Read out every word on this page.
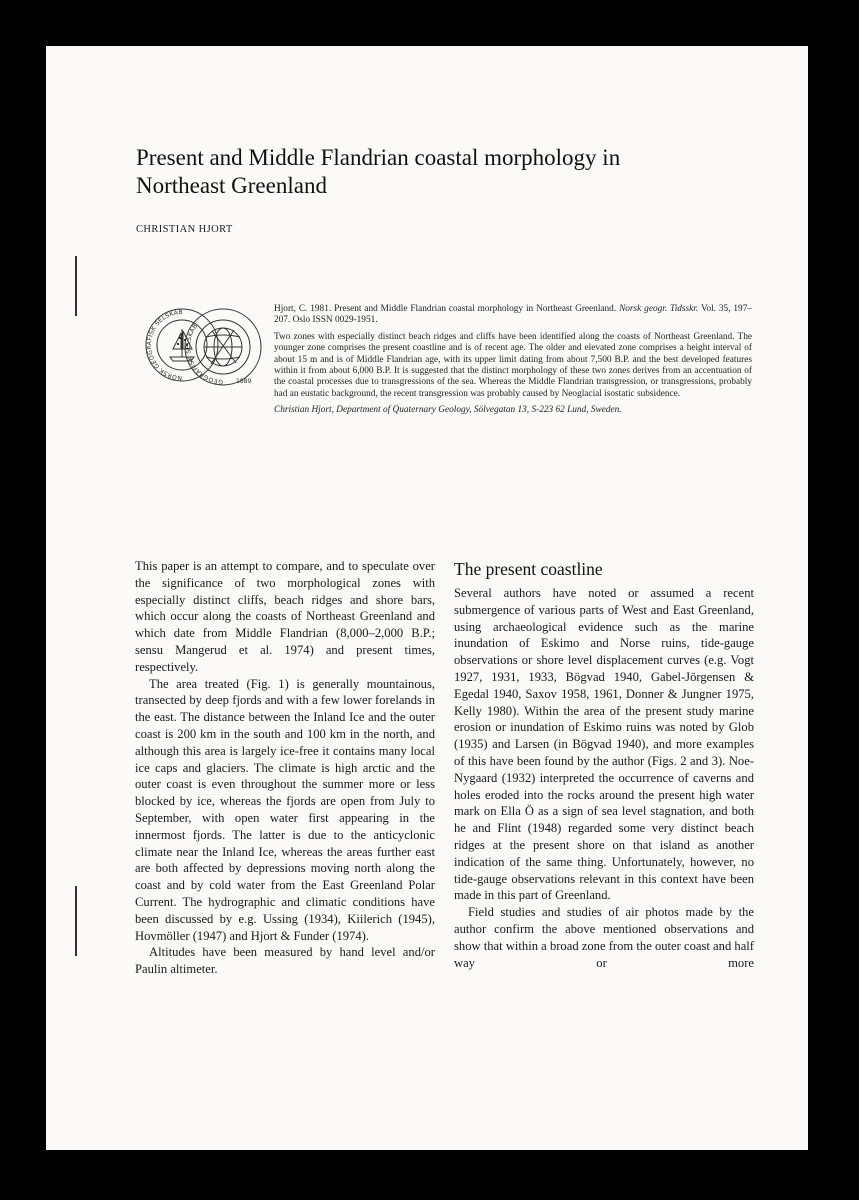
Present and Middle Flandrian coastal morphology in
Northeast Greenland
CHRISTIAN HJORT
NORSK GEOGRAFISK SELSKAB
GEOGRAFISK SELSKAB
1889

Hjort, C. 1981. Present and Middle Flandrian coastal morphology in Northeast Greenland. Norsk geogr. Tidsskr. Vol. 35, 197–207. Oslo ISSN 0029-1951.

Two zones with especially distinct beach ridges and cliffs have been identified along the coasts of Northeast Greenland. The younger zone comprises the present coastline and is of recent age. The older and elevated zone comprises a height interval of about 15 m and is of Middle Flandrian age, with its upper limit dating from about 7,500 B.P. and the best developed features within it from about 6,000 B.P. It is suggested that the distinct morphology of these two zones derives from an accentuation of the coastal processes due to transgressions of the sea. Whereas the Middle Flandrian transgression, or transgressions, probably had an eustatic background, the recent transgression was probably caused by Neoglacial isostatic subsidence.

Christian Hjort, Department of Quaternary Geology, Sölvegatan 13, S-223 62 Lund, Sweden.

This paper is an attempt to compare, and to speculate over the significance of two morphological zones with especially distinct cliffs, beach ridges and shore bars, which occur along the coasts of Northeast Greenland and which date from Middle Flandrian (8,000–2,000 B.P.; sensu Mangerud et al. 1974) and present times, respectively.

The area treated (Fig. 1) is generally mountainous, transected by deep fjords and with a few lower forelands in the east. The distance between the Inland Ice and the outer coast is 200 km in the south and 100 km in the north, and although this area is largely ice-free it contains many local ice caps and glaciers. The climate is high arctic and the outer coast is even throughout the summer more or less blocked by ice, whereas the fjords are open from July to September, with open water first appearing in the innermost fjords. The latter is due to the anticyclonic climate near the Inland Ice, whereas the areas further east are both affected by depressions moving north along the coast and by cold water from the East Greenland Polar Current. The hydrographic and climatic conditions have been discussed by e.g. Ussing (1934), Kiilerich (1945), Hovmöller (1947) and Hjort & Funder (1974).

Altitudes have been measured by hand level and/or Paulin altimeter.

The present coastline

Several authors have noted or assumed a recent submergence of various parts of West and East Greenland, using archaeological evidence such as the marine inundation of Eskimo and Norse ruins, tide-gauge observations or shore level displacement curves (e.g. Vogt 1927, 1931, 1933, Bögvad 1940, Gabel-Jörgensen & Egedal 1940, Saxov 1958, 1961, Donner & Jungner 1975, Kelly 1980). Within the area of the present study marine erosion or inundation of Eskimo ruins was noted by Glob (1935) and Larsen (in Bögvad 1940), and more examples of this have been found by the author (Figs. 2 and 3). Noe-Nygaard (1932) interpreted the occurrence of caverns and holes eroded into the rocks around the present high water mark on Ella Ö as a sign of sea level stagnation, and both he and Flint (1948) regarded some very distinct beach ridges at the present shore on that island as another indication of the same thing. Unfortunately, however, no tide-gauge observations relevant in this context have been made in this part of Greenland.

Field studies and studies of air photos made by the author confirm the above mentioned observations and show that within a broad zone from the outer coast and half way or more
